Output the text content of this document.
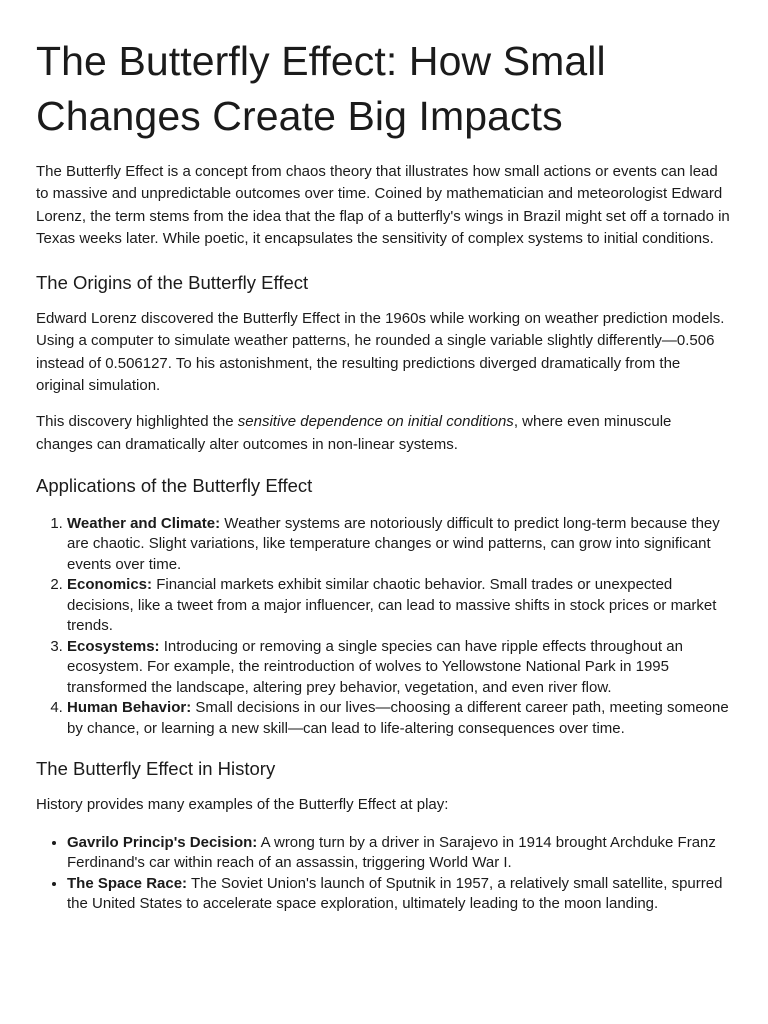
The Butterfly Effect: How Small Changes Create Big Impacts

The Butterfly Effect is a concept from chaos theory that illustrates how small actions or events can lead to massive and unpredictable outcomes over time. Coined by mathematician and meteorologist Edward Lorenz, the term stems from the idea that the flap of a butterfly's wings in Brazil might set off a tornado in Texas weeks later. While poetic, it encapsulates the sensitivity of complex systems to initial conditions.

The Origins of the Butterfly Effect

Edward Lorenz discovered the Butterfly Effect in the 1960s while working on weather prediction models. Using a computer to simulate weather patterns, he rounded a single variable slightly differently—0.506 instead of 0.506127. To his astonishment, the resulting predictions diverged dramatically from the original simulation.

This discovery highlighted the sensitive dependence on initial conditions, where even minuscule changes can dramatically alter outcomes in non-linear systems.

Applications of the Butterfly Effect
1. Weather and Climate: Weather systems are notoriously difficult to predict long-term because they are chaotic. Slight variations, like temperature changes or wind patterns, can grow into significant events over time.
2. Economics: Financial markets exhibit similar chaotic behavior. Small trades or unexpected decisions, like a tweet from a major influencer, can lead to massive shifts in stock prices or market trends.
3. Ecosystems: Introducing or removing a single species can have ripple effects throughout an ecosystem. For example, the reintroduction of wolves to Yellowstone National Park in 1995 transformed the landscape, altering prey behavior, vegetation, and even river flow.
4. Human Behavior: Small decisions in our lives—choosing a different career path, meeting someone by chance, or learning a new skill—can lead to life-altering consequences over time.
The Butterfly Effect in History

History provides many examples of the Butterfly Effect at play:

• Gavrilo Princip's Decision: A wrong turn by a driver in Sarajevo in 1914 brought Archduke Franz Ferdinand's car within reach of an assassin, triggering World War I.
• The Space Race: The Soviet Union's launch of Sputnik in 1957, a relatively small satellite, spurred the United States to accelerate space exploration, ultimately leading to the moon landing.
